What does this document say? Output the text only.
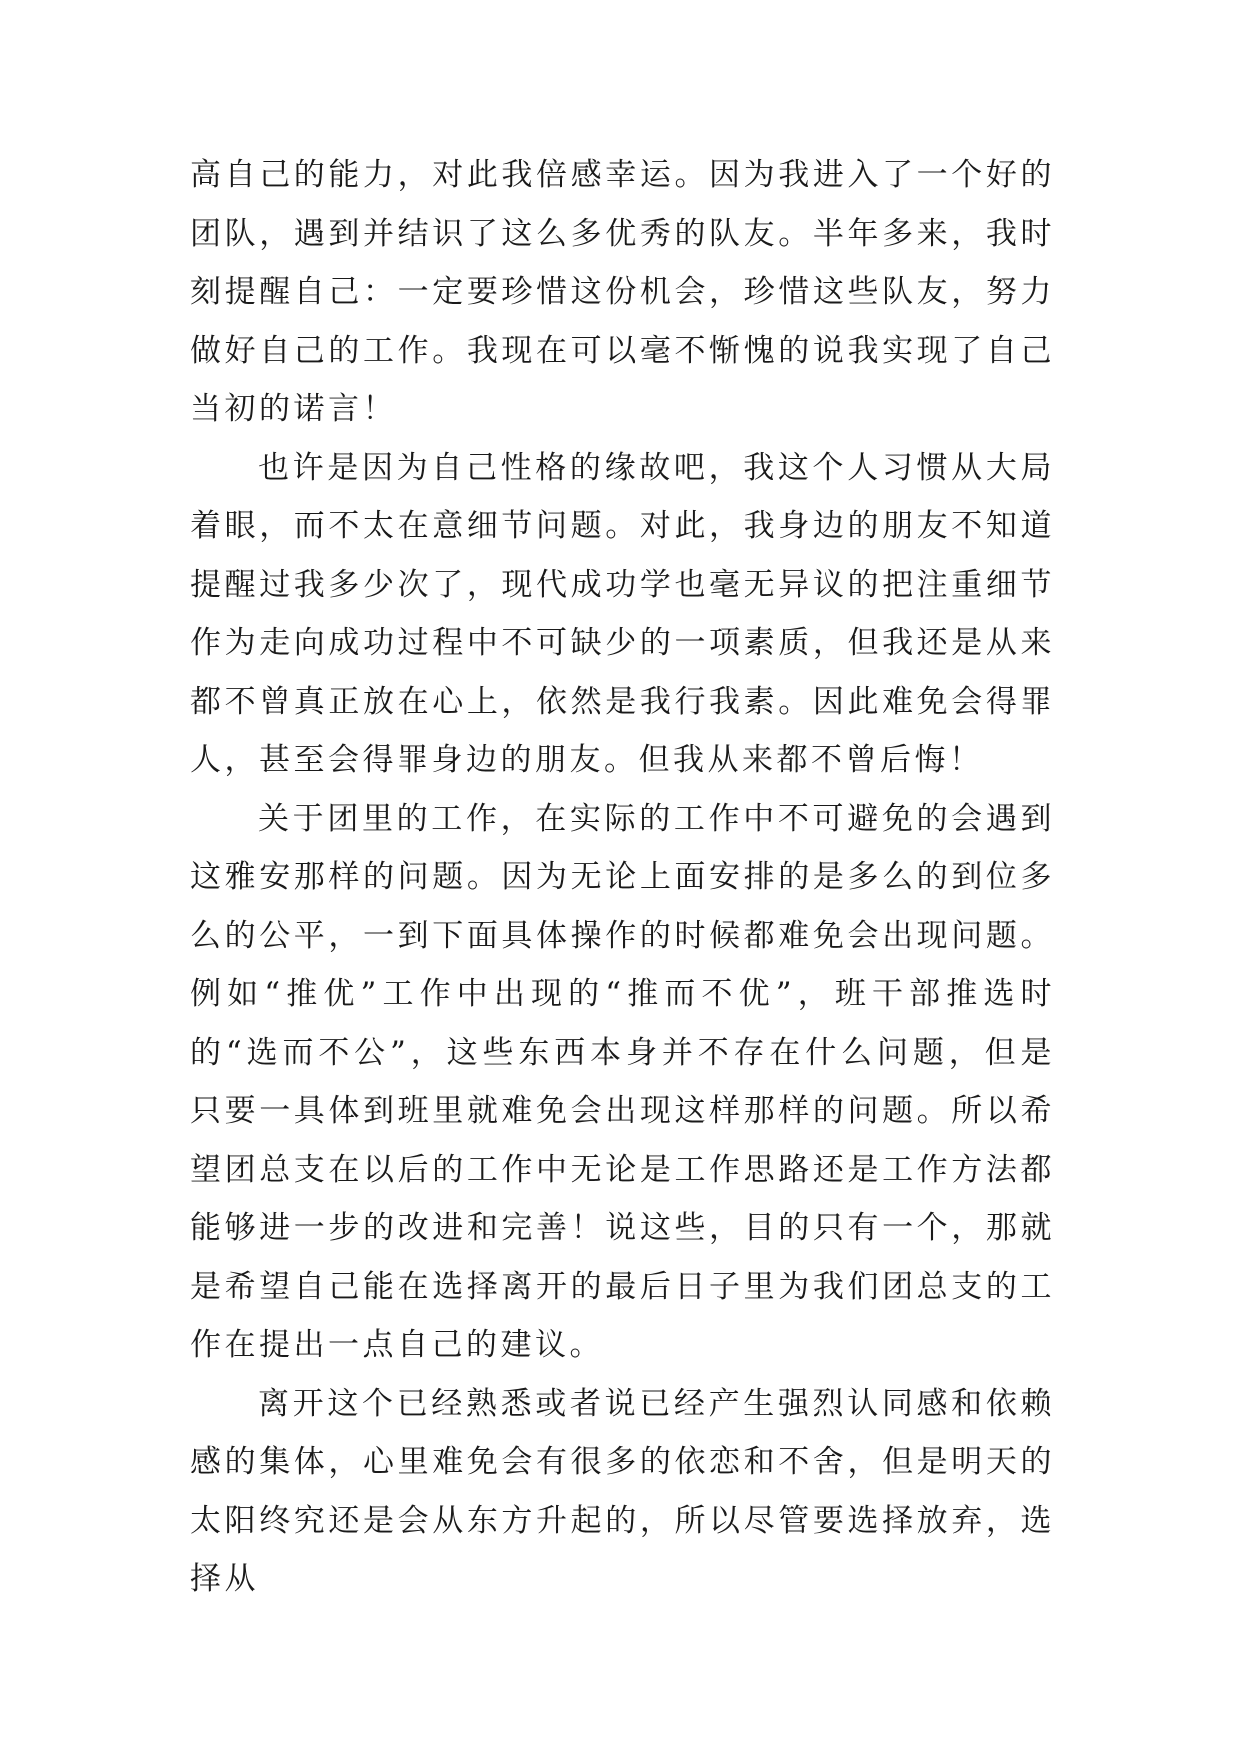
高自己的能力，对此我倍感幸运。因为我进入了一个好的团队，遇到并结识了这么多优秀的队友。半年多来，我时刻提醒自己：一定要珍惜这份机会，珍惜这些队友，努力做好自己的工作。我现在可以毫不惭愧的说我实现了自己当初的诺言！

也许是因为自己性格的缘故吧，我这个人习惯从大局着眼，而不太在意细节问题。对此，我身边的朋友不知道提醒过我多少次了，现代成功学也毫无异议的把注重细节作为走向成功过程中不可缺少的一项素质，但我还是从来都不曾真正放在心上，依然是我行我素。因此难免会得罪人，甚至会得罪身边的朋友。但我从来都不曾后悔！

关于团里的工作，在实际的工作中不可避免的会遇到这雅安那样的问题。因为无论上面安排的是多么的到位多么的公平，一到下面具体操作的时候都难免会出现问题。例如“推优”工作中出现的“推而不优”，班干部推选时的“选而不公”，这些东西本身并不存在什么问题，但是只要一具体到班里就难免会出现这样那样的问题。所以希望团总支在以后的工作中无论是工作思路还是工作方法都能够进一步的改进和完善！说这些，目的只有一个，那就是希望自己能在选择离开的最后日子里为我们团总支的工作在提出一点自己的建议。

离开这个已经熟悉或者说已经产生强烈认同感和依赖感的集体，心里难免会有很多的依恋和不舍，但是明天的太阳终究还是会从东方升起的，所以尽管要选择放弃，选择从
